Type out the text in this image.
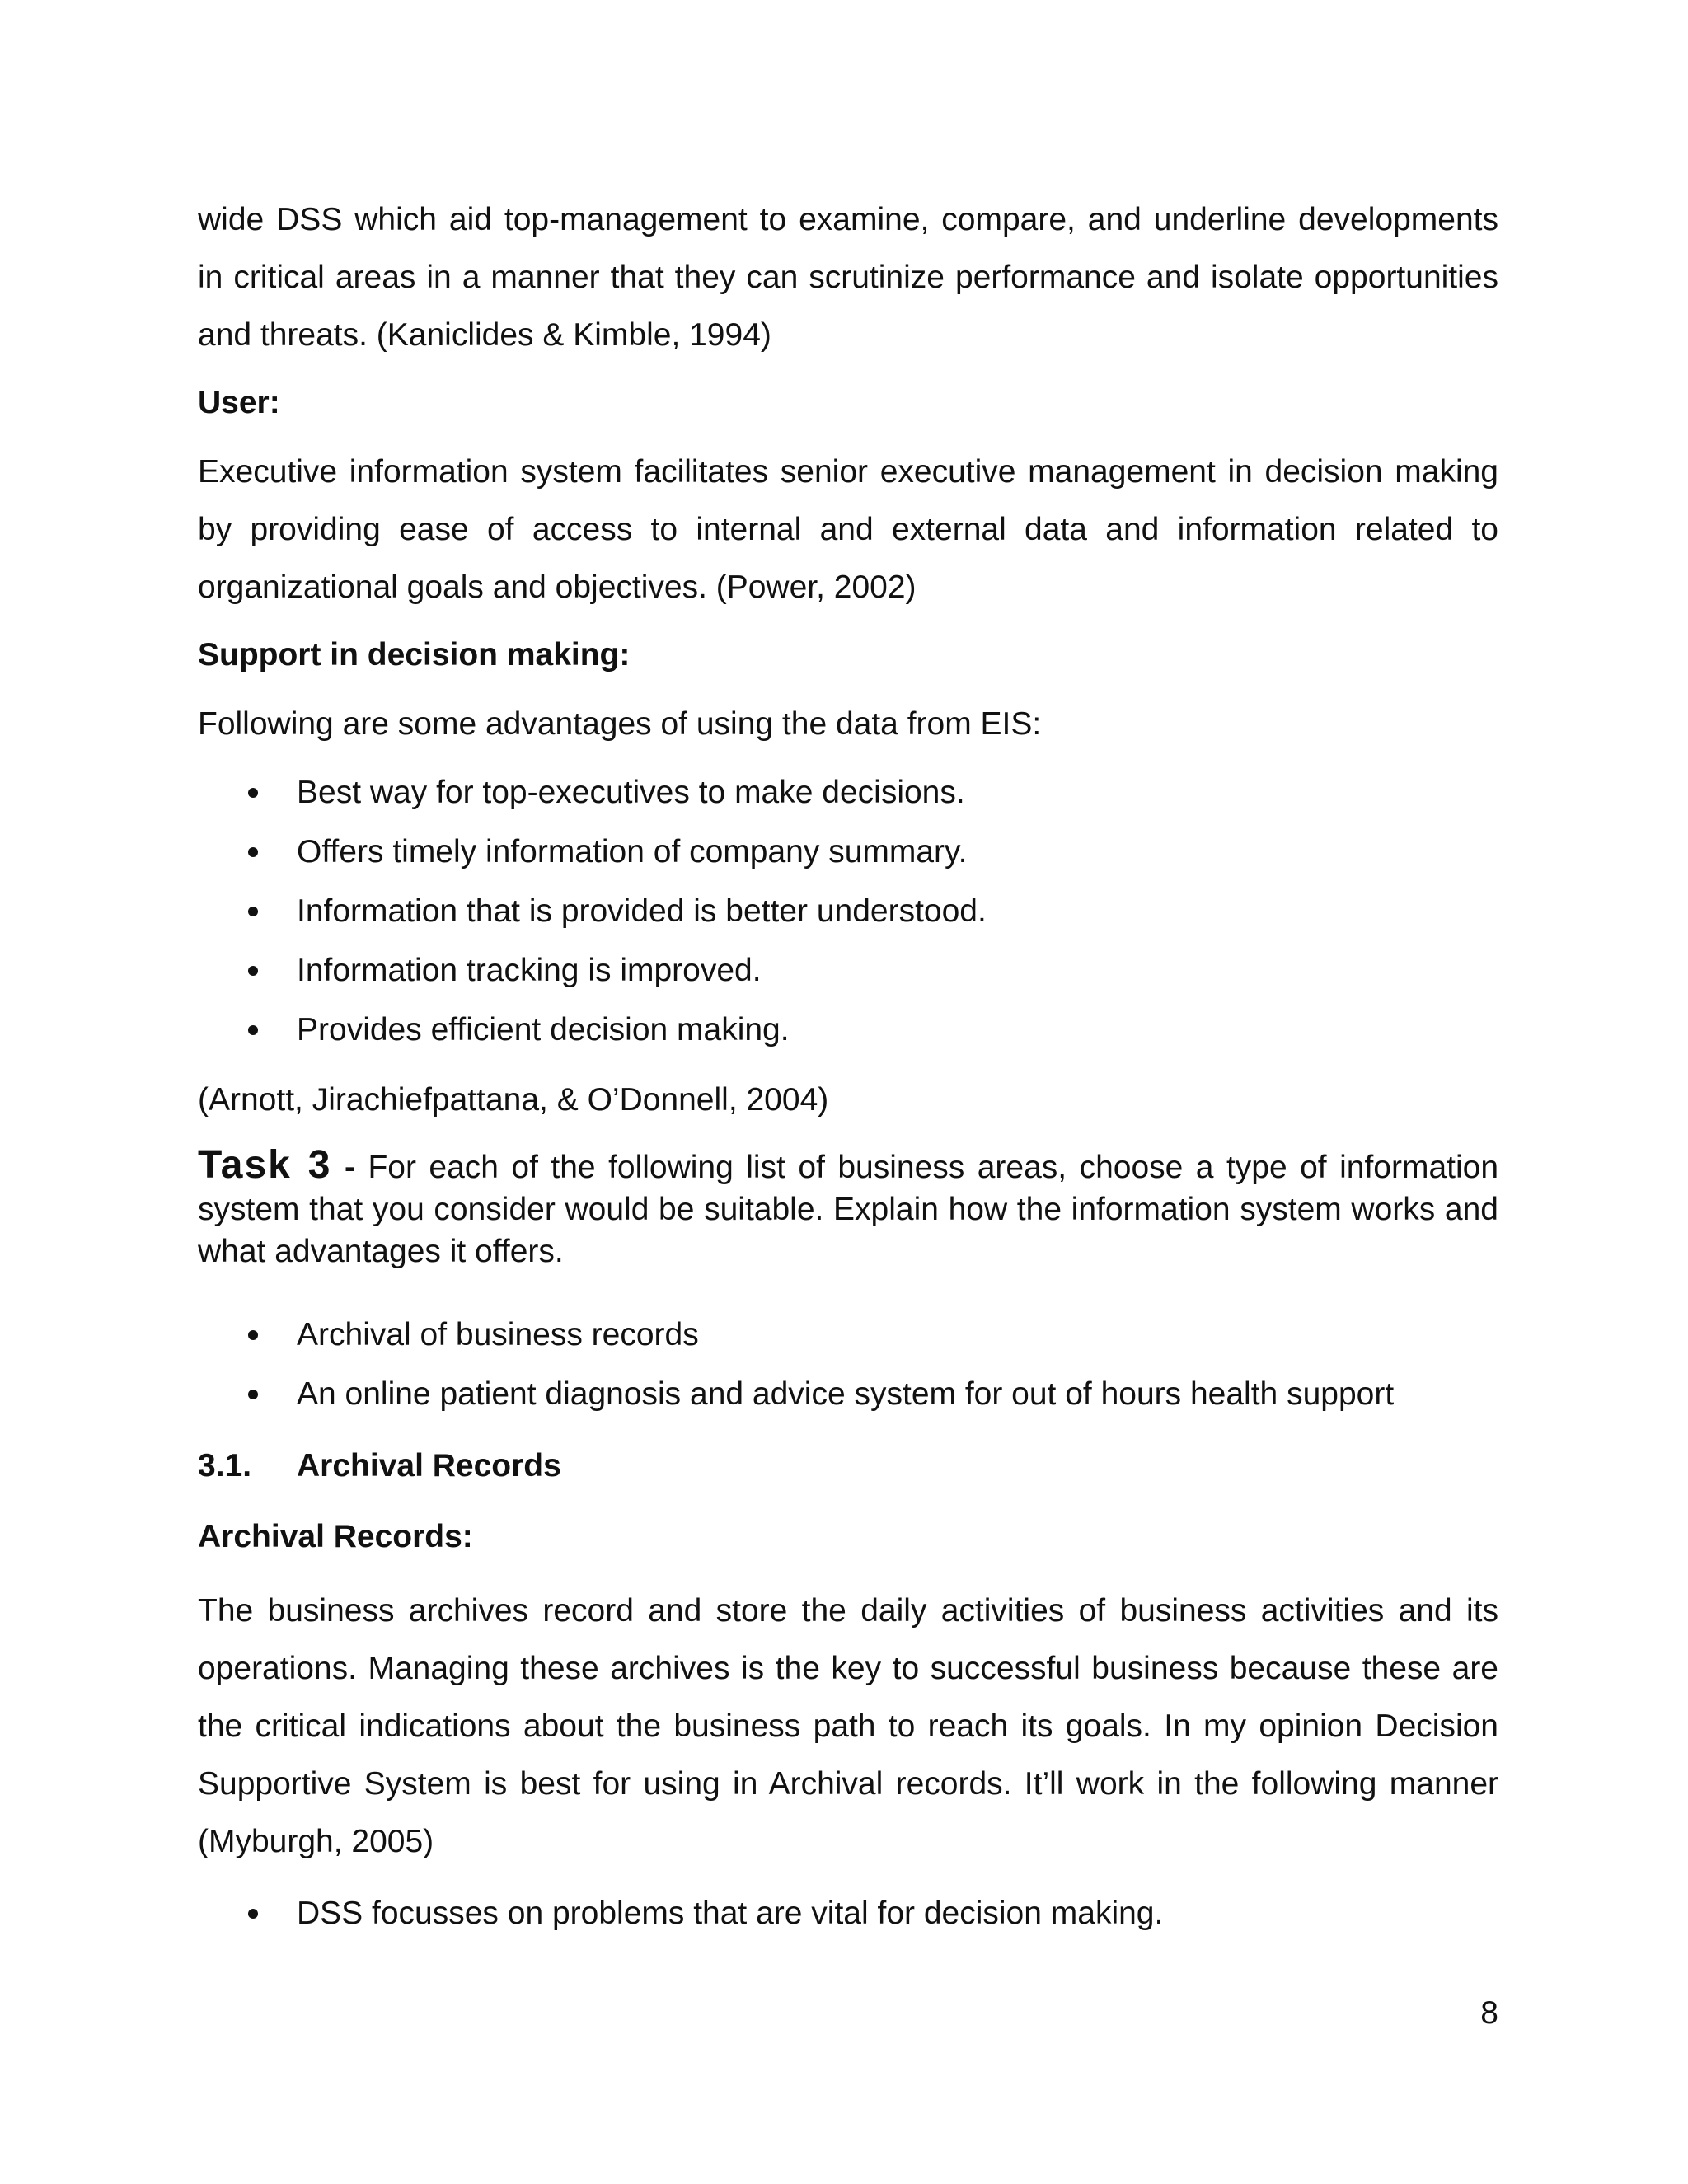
wide DSS which aid top-management to examine, compare, and underline developments in critical areas in a manner that they can scrutinize performance and isolate opportunities and threats. (Kaniclides & Kimble, 1994)

User:

Executive information system facilitates senior executive management in decision making by providing ease of access to internal and external data and information related to organizational goals and objectives. (Power, 2002)

Support in decision making:

Following are some advantages of using the data from EIS:

Best way for top-executives to make decisions.
Offers timely information of company summary.
Information that is provided is better understood.
Information tracking is improved.
Provides efficient decision making.

(Arnott, Jirachiefpattana, & O’Donnell, 2004)

Task 3 - For each of the following list of business areas, choose a type of information system that you consider would be suitable. Explain how the information system works and what advantages it offers.

Archival of business records
An online patient diagnosis and advice system for out of hours health support

3.1. Archival Records

Archival Records:

The business archives record and store the daily activities of business activities and its operations. Managing these archives is the key to successful business because these are the critical indications about the business path to reach its goals. In my opinion Decision Supportive System is best for using in Archival records. It’ll work in the following manner (Myburgh, 2005)

DSS focusses on problems that are vital for decision making.
8
